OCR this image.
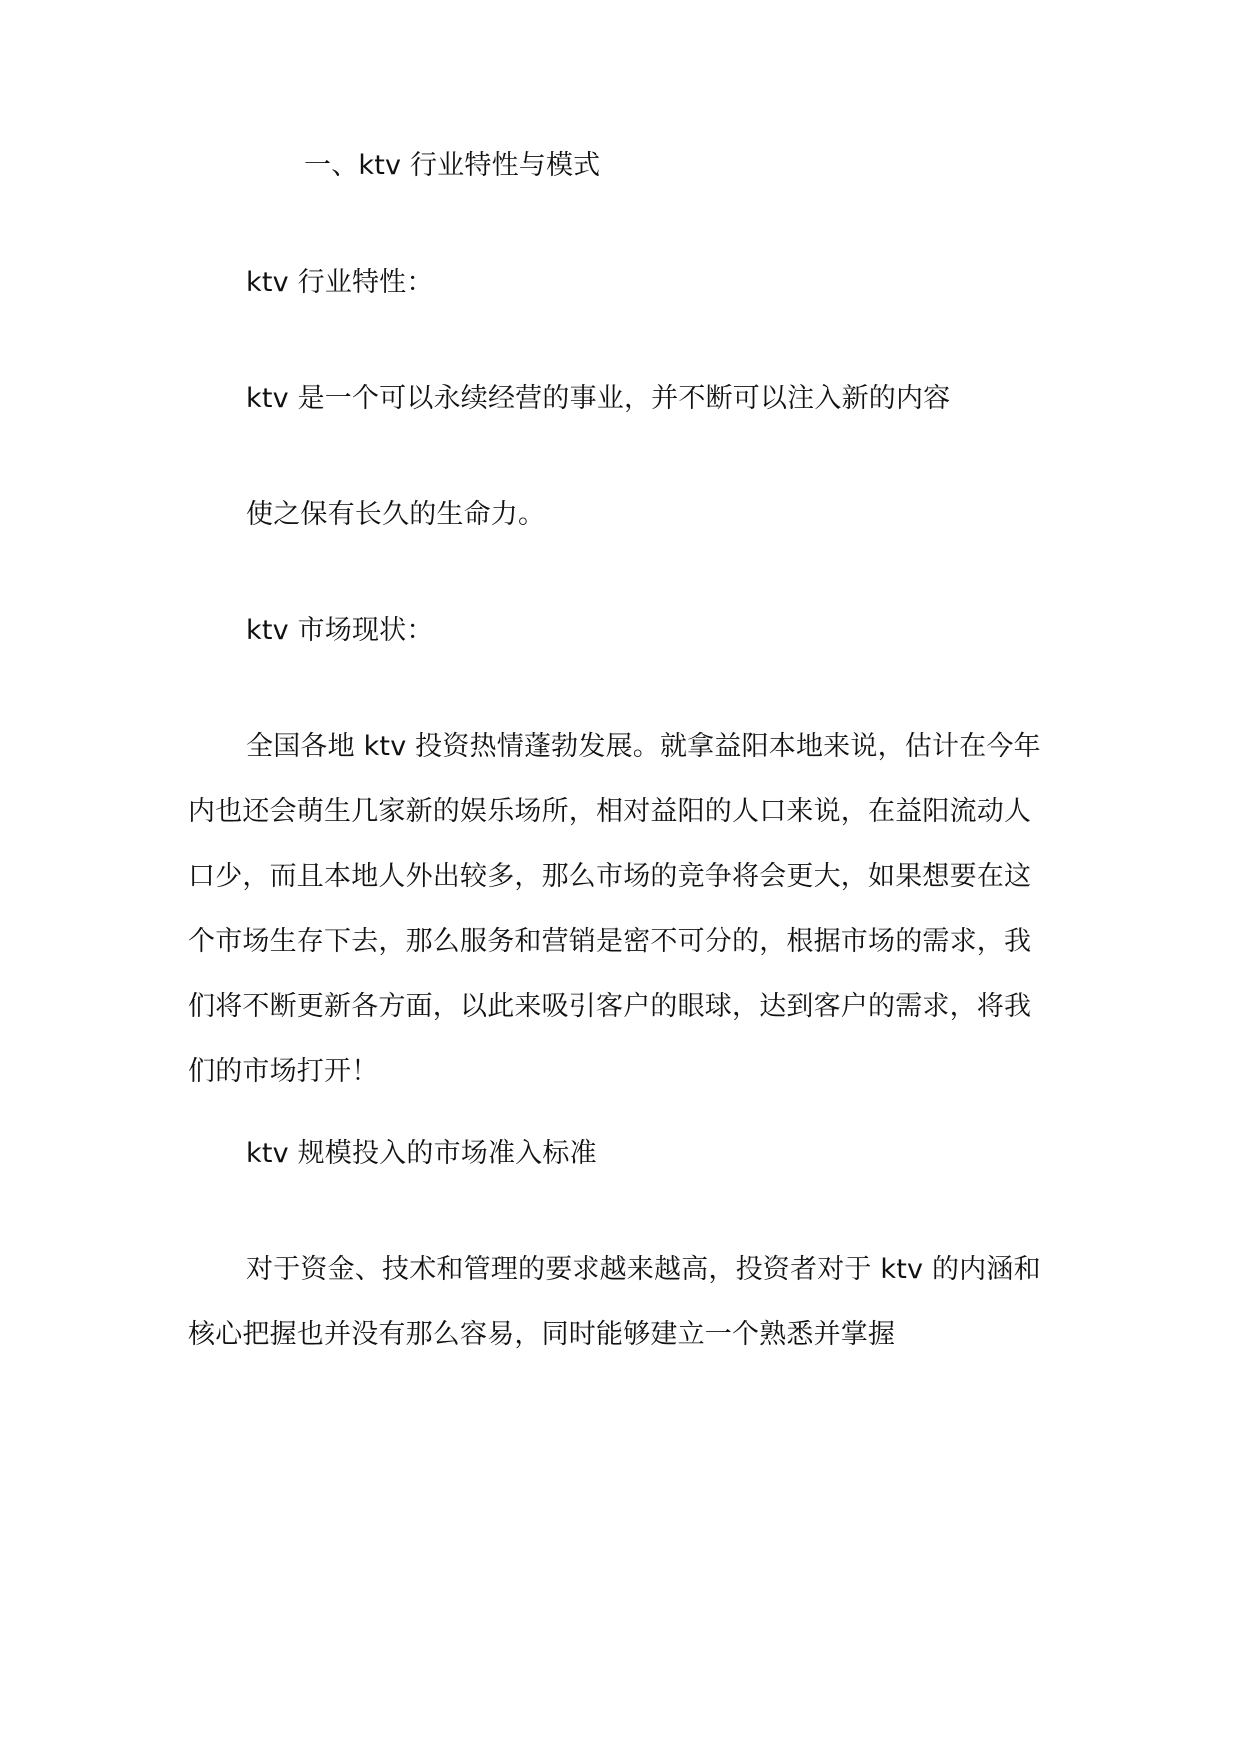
一、ktv 行业特性与模式

ktv 行业特性：

ktv 是一个可以永续经营的事业，并不断可以注入新的内容

使之保有长久的生命力。

ktv 市场现状：

全国各地 ktv 投资热情蓬勃发展。就拿益阳本地来说，估计在今年内也还会萌生几家新的娱乐场所，相对益阳的人口来说，在益阳流动人口少，而且本地人外出较多，那么市场的竞争将会更大，如果想要在这个市场生存下去，那么服务和营销是密不可分的，根据市场的需求，我们将不断更新各方面，以此来吸引客户的眼球，达到客户的需求，将我们的市场打开！

ktv 规模投入的市场准入标准

对于资金、技术和管理的要求越来越高，投资者对于 ktv 的内涵和核心把握也并没有那么容易，同时能够建立一个熟悉并掌握
